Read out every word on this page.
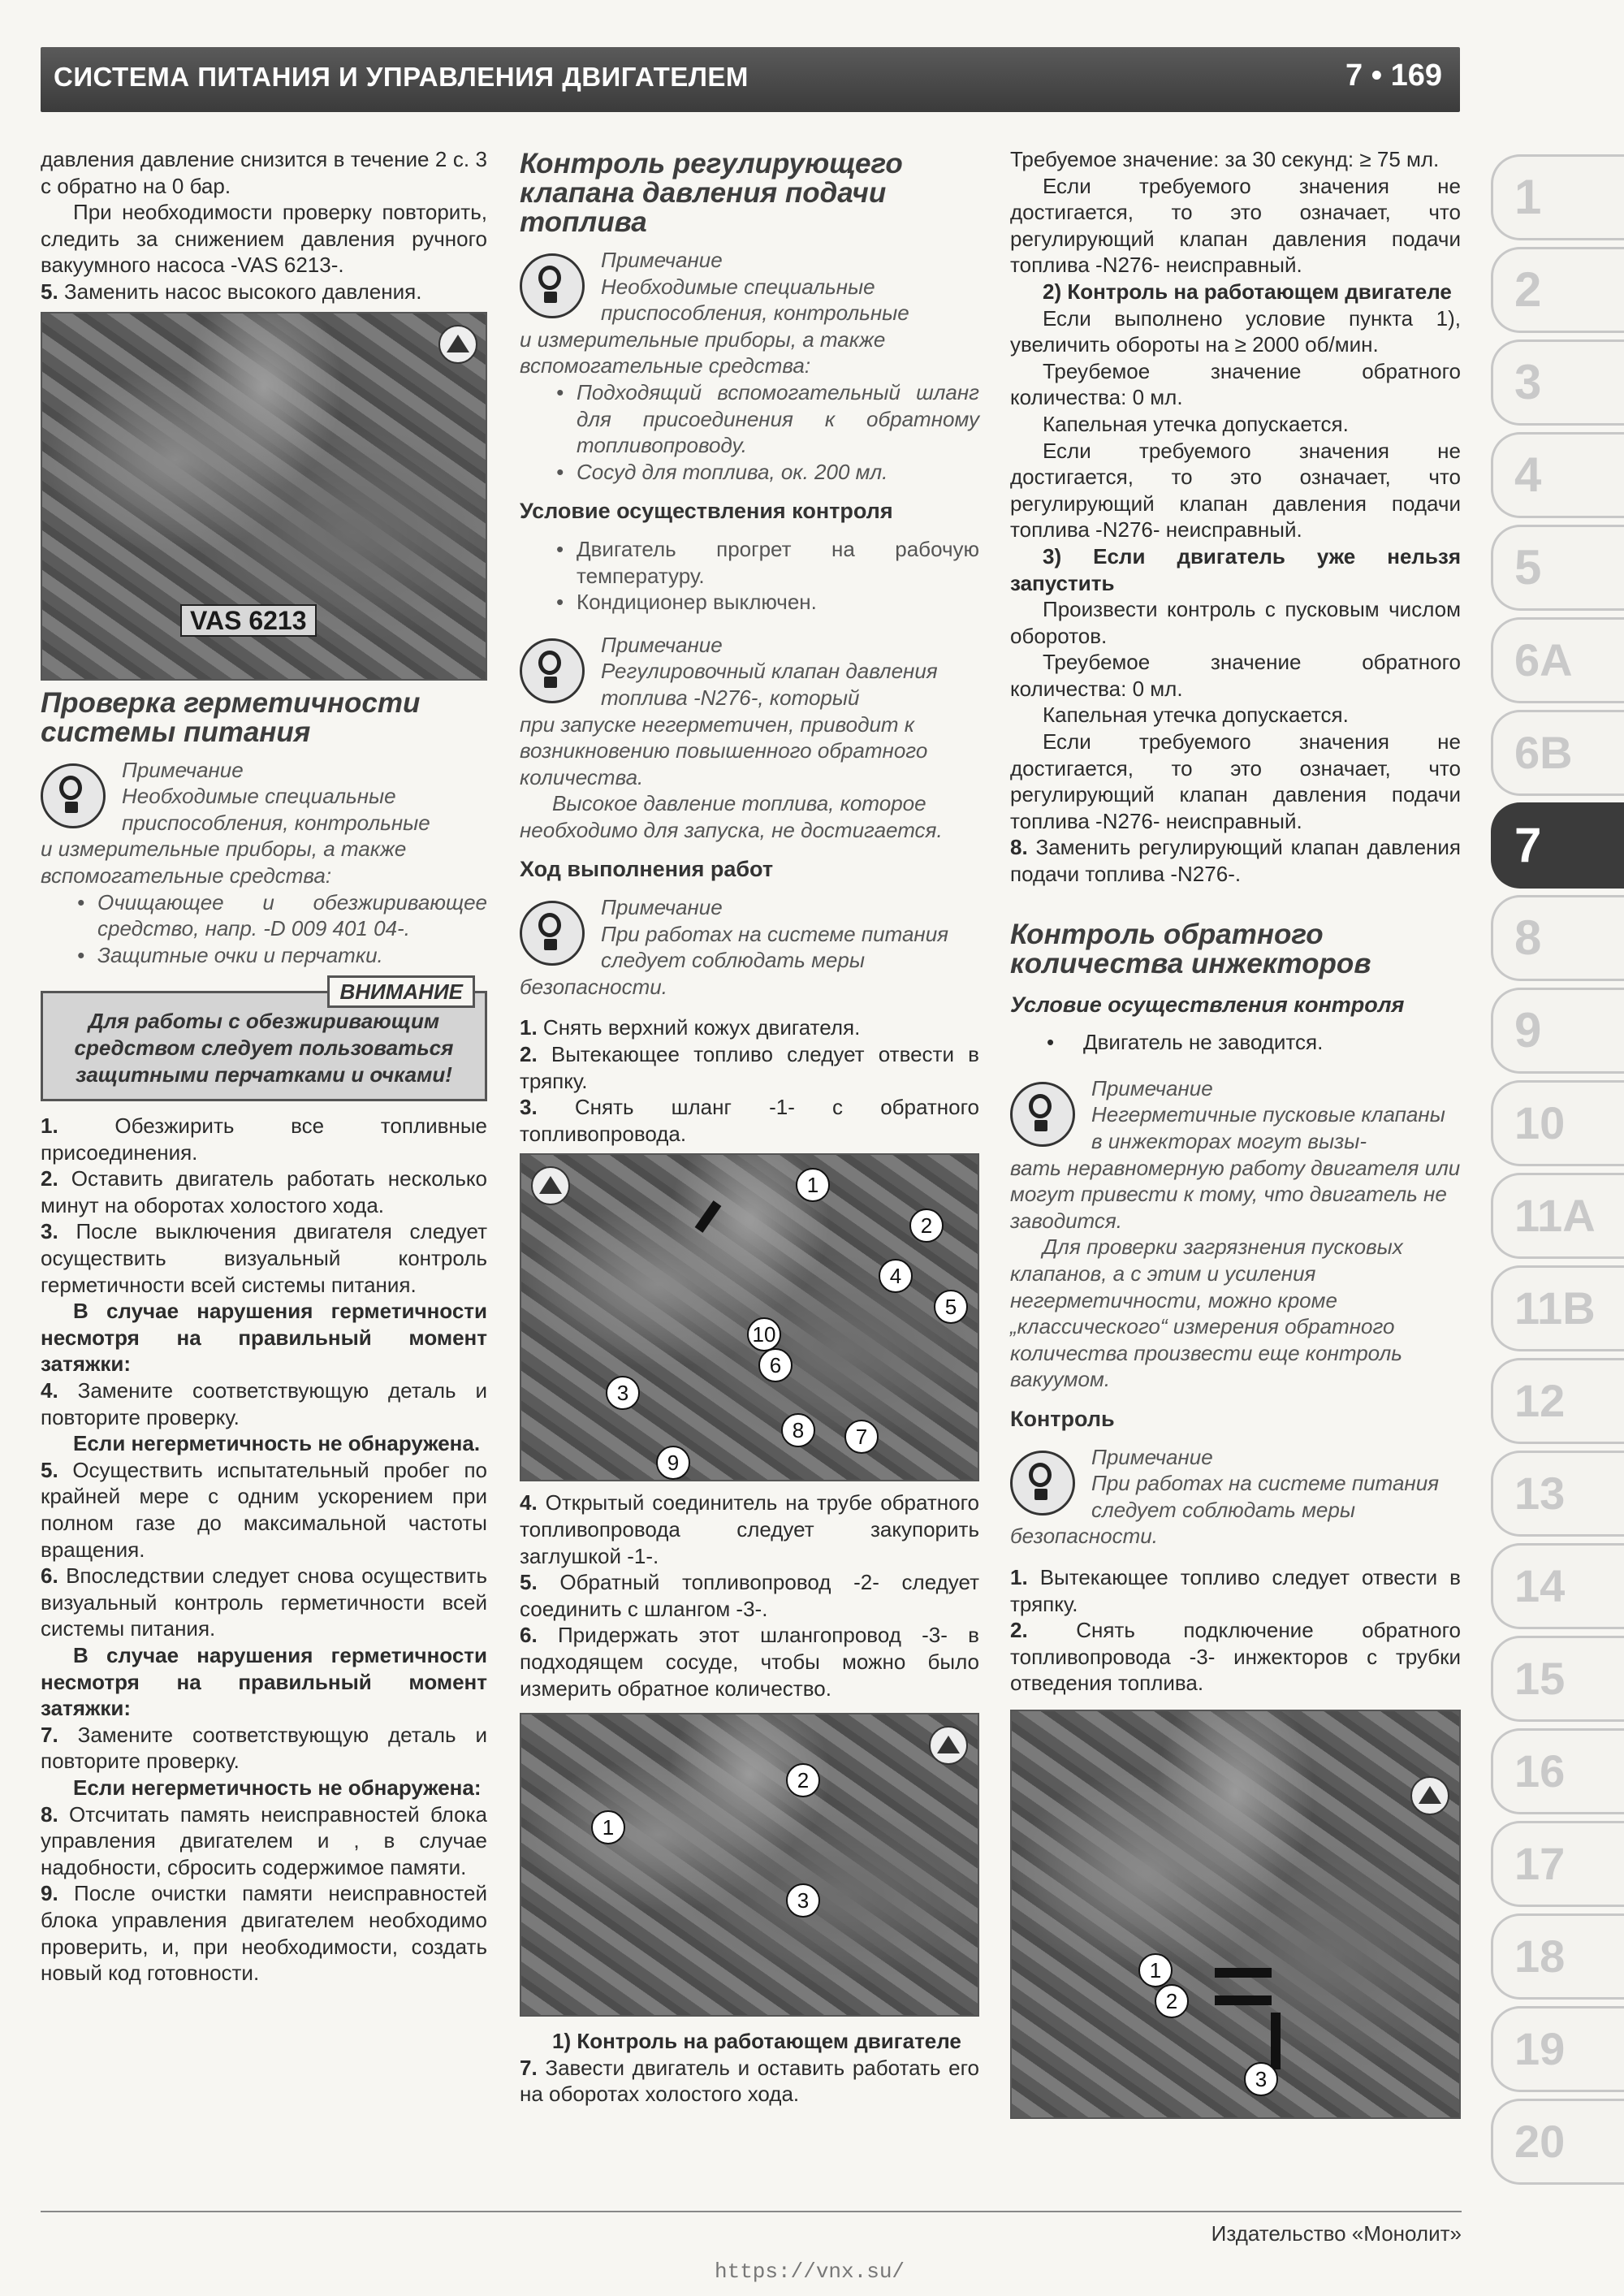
СИСТЕМА ПИТАНИЯ И УПРАВЛЕНИЯ ДВИГАТЕЛЕМ	7 • 169

давления давление снизится в течение 2 с. 3 с обратно на 0 бар.

При необходимости проверку повторить, следить за снижением давления ручного вакуумного насоса -VAS 6213-.

5. Заменить насос высокого давления.

VAS 6213
Проверка герметичности системы питания
Примечание
Необходимые специальные приспособления, контрольные
и измерительные приборы, а также вспомогательные средства:
• Очищающее и обезжиривающее средство, напр. -D 009 401 04-.
• Защитные очки и перчатки.
ВНИМАНИЕ
Для работы с обезжиривающим средством следует пользоваться защитными перчатками и очками!

1.	Обезжирить все топливные присоединения.

2. Оставить двигатель работать несколько минут на оборотах холостого хода.

3. После выключения двигателя следует осуществить визуальный контроль герметичности всей системы питания.

В случае нарушения герметичности несмотря на правильный момент затяжки:

4. Замените соответствующую деталь и повторите проверку.

Если негерметичность не обнаружена.

5. Осуществить испытательный пробег по крайней мере с одним ускорением при полном газе до максимальной частоты вращения.

6. Впоследствии следует снова осуществить визуальный контроль герметичности всей системы питания.

В случае нарушения герметичности несмотря на правильный момент затяжки:

7. Замените соответствующую деталь и повторите проверку.

Если негерметичность не обнаружена:

8. Отсчитать память неисправностей блока управления двигателем и , в случае надобности, сбросить содержимое памяти.

9. После очистки памяти неисправностей блока управления двигателем необходимо проверить, и, при необходимости, создать новый код готовности.

Контроль регулирующего клапана давления подачи топлива
Примечание
Необходимые специальные приспособления, контрольные
и измерительные приборы, а также вспомогательные средства:
• Подходящий вспомогательный шланг для присоединения к обратному топливопроводу.
• Сосуд для топлива, ок. 200 мл.
Условие осуществления контроля
• Двигатель прогрет на рабочую температуру.
• Кондиционер выключен.
Примечание
Регулировочный клапан давления топлива -N276-, который
при запуске негерметичен, приводит к возникновению повышенного обратного количества.
Высокое давление топлива, которое необходимо для запуска, не достигается.
Ход выполнения работ
Примечание
При работах на системе питания следует соблюдать меры
безопасности.

1. Снять верхний кожух двигателя.

2. Вытекающее топливо следует отвести в тряпку.

3. Снять шланг -1- с обратного топливопровода.

1
2
4
5
10
6
3
8	7
9

4. Открытый соединитель на трубе обратного топливопровода следует закупорить заглушкой -1-.

5. Обратный топливопровод -2- следует соединить с шлангом -3-.

6. Придержать этот шлангопровод -3- в подходящем сосуде, чтобы можно было измерить обратное количество.

2
1
3

1) Контроль на работающем двигателе

7. Завести двигатель и оставить работать его на оборотах холостого хода.

Требуемое значение: за 30 секунд: ≥ 75 мл.

Если требуемого значения не достигается, то это означает, что регулирующий клапан давления подачи топлива -N276- неисправный.

2) Контроль на работающем двигателе

Если выполнено условие пункта 1), увеличить обороты на ≥ 2000 об/мин.

Треубемое значение обратного количества: 0 мл.

Капельная утечка допускается.

Если требуемого значения не достигается, то это означает, что регулирующий клапан давления подачи топлива -N276- неисправный.

3) Если двигатель уже нельзя запустить

Произвести контроль с пусковым числом оборотов.

Треубемое значение обратного количества: 0 мл.

Капельная утечка допускается.

Если требуемого значения не достигается, то это означает, что регулирующий клапан давления подачи топлива -N276- неисправный.

8. Заменить регулирующий клапан давления подачи топлива -N276-.

Контроль обратного количества инжекторов
Условие осуществления контроля
• Двигатель не заводится.
Примечание
Негерметичные пусковые клапаны в инжекторах могут вызы-
вать неравномерную работу двигателя или могут привести к тому, что двигатель не заводится.
Для проверки загрязнения пусковых клапанов, а с этим и усиления негерметичности, можно кроме „классического“ измерения обратного количества произвести еще контроль вакуумом.
Контроль
Примечание
При работах на системе питания следует соблюдать меры
безопасности.

1. Вытекающее топливо следует отвести в тряпку.

2. Снять подключение обратного топливопровода -3- инжекторов с трубки отведения топлива.

1
2
3
1
2
3
4
5
6A
6B
7
8
9
10
11A
11B
12
13
14
15
16
17
18
19
20
Издательство «Монолит»
https://vnx.su/
